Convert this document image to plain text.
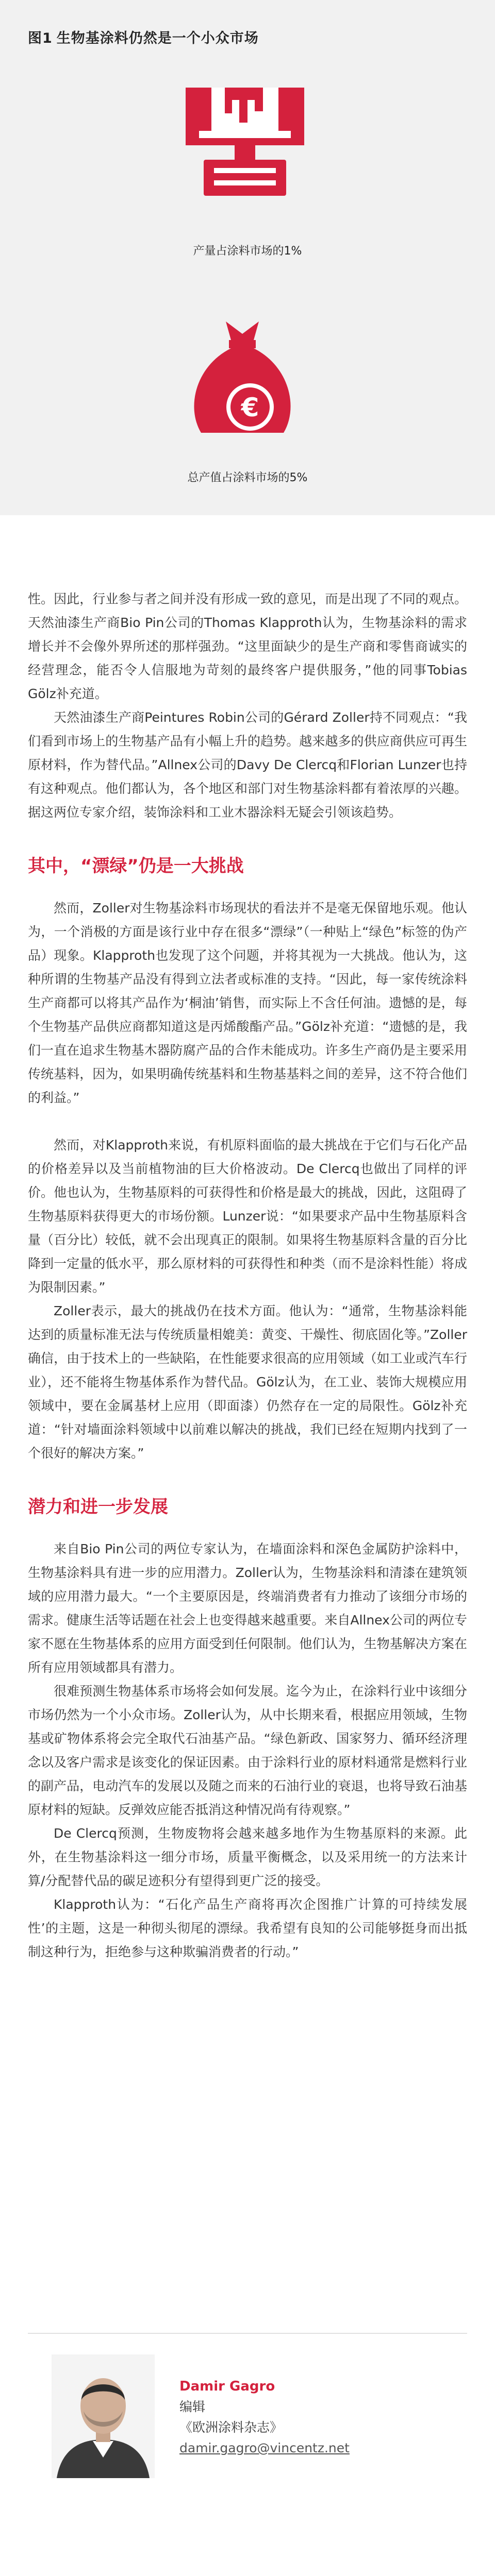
图1 生物基涂料仍然是一个小众市场
产量占涂料市场的1%
€
总产值占涂料市场的5%

性。因此，行业参与者之间并没有形成一致的意见，而是出现了不同的观点。天然油漆生产商Bio Pin公司的Thomas Klapproth认为，生物基涂料的需求增长并不会像外界所述的那样强劲。“这里面缺少的是生产商和零售商诚实的经营理念，能否令人信服地为苛刻的最终客户提供服务，”他的同事Tobias Gölz补充道。

天然油漆生产商Peintures Robin公司的Gérard Zoller持不同观点：“我们看到市场上的生物基产品有小幅上升的趋势。越来越多的供应商供应可再生原材料，作为替代品。”Allnex公司的Davy De Clercq和Florian Lunzer也持有这种观点。他们都认为，各个地区和部门对生物基涂料都有着浓厚的兴趣。据这两位专家介绍，装饰涂料和工业木器涂料无疑会引领该趋势。

其中，“漂绿”仍是一大挑战

然而，Zoller对生物基涂料市场现状的看法并不是毫无保留地乐观。他认为，一个消极的方面是该行业中存在很多“漂绿”（一种贴上“绿色”标签的伪产品）现象。Klapproth也发现了这个问题，并将其视为一大挑战。他认为，这种所谓的生物基产品没有得到立法者或标准的支持。“因此，每一家传统涂料生产商都可以将其产品作为‘桐油’销售，而实际上不含任何油。遗憾的是，每个生物基产品供应商都知道这是丙烯酸酯产品。”Gölz补充道：“遗憾的是，我们一直在追求生物基木器防腐产品的合作未能成功。许多生产商仍是主要采用传统基料，因为，如果明确传统基料和生物基基料之间的差异，这不符合他们的利益。”

然而，对Klapproth来说，有机原料面临的最大挑战在于它们与石化产品的价格差异以及当前植物油的巨大价格波动。De Clercq也做出了同样的评价。他也认为，生物基原料的可获得性和价格是最大的挑战，因此，这阻碍了生物基原料获得更大的市场份额。Lunzer说：“如果要求产品中生物基原料含量（百分比）较低，就不会出现真正的限制。如果将生物基原料含量的百分比降到一定量的低水平，那么原材料的可获得性和种类（而不是涂料性能）将成为限制因素。”

Zoller表示，最大的挑战仍在技术方面。他认为：“通常，生物基涂料能达到的质量标准无法与传统质量相媲美：黄变、干燥性、彻底固化等。”Zoller确信，由于技术上的一些缺陷，在性能要求很高的应用领域（如工业或汽车行业），还不能将生物基体系作为替代品。Gölz认为，在工业、装饰大规模应用领域中，要在金属基材上应用（即面漆）仍然存在一定的局限性。Gölz补充道：“针对墙面涂料领域中以前难以解决的挑战，我们已经在短期内找到了一个很好的解决方案。”

潜力和进一步发展

来自Bio Pin公司的两位专家认为，在墙面涂料和深色金属防护涂料中，生物基涂料具有进一步的应用潜力。Zoller认为，生物基涂料和清漆在建筑领域的应用潜力最大。“一个主要原因是，终端消费者有力推动了该细分市场的需求。健康生活等话题在社会上也变得越来越重要。来自Allnex公司的两位专家不愿在生物基体系的应用方面受到任何限制。他们认为，生物基解决方案在所有应用领域都具有潜力。

很难预测生物基体系市场将会如何发展。迄今为止，在涂料行业中该细分市场仍然为一个小众市场。Zoller认为，从中长期来看，根据应用领域，生物基或矿物体系将会完全取代石油基产品。“绿色新政、国家努力、循环经济理念以及客户需求是该变化的保证因素。由于涂料行业的原材料通常是燃料行业的副产品，电动汽车的发展以及随之而来的石油行业的衰退，也将导致石油基原材料的短缺。反弹效应能否抵消这种情况尚有待观察。”

De Clercq预测，生物废物将会越来越多地作为生物基原料的来源。此外，在生物基涂料这一细分市场，质量平衡概念，以及采用统一的方法来计算/分配替代品的碳足迹积分有望得到更广泛的接受。

Klapproth认为：“石化产品生产商将再次企图推广计算的可持续发展性’的主题，这是一种彻头彻尾的漂绿。我希望有良知的公司能够挺身而出抵制这种行为，拒绝参与这种欺骗消费者的行动。”

Damir Gagro
编辑
《欧洲涂料杂志》
damir.gagro@vincentz.net
